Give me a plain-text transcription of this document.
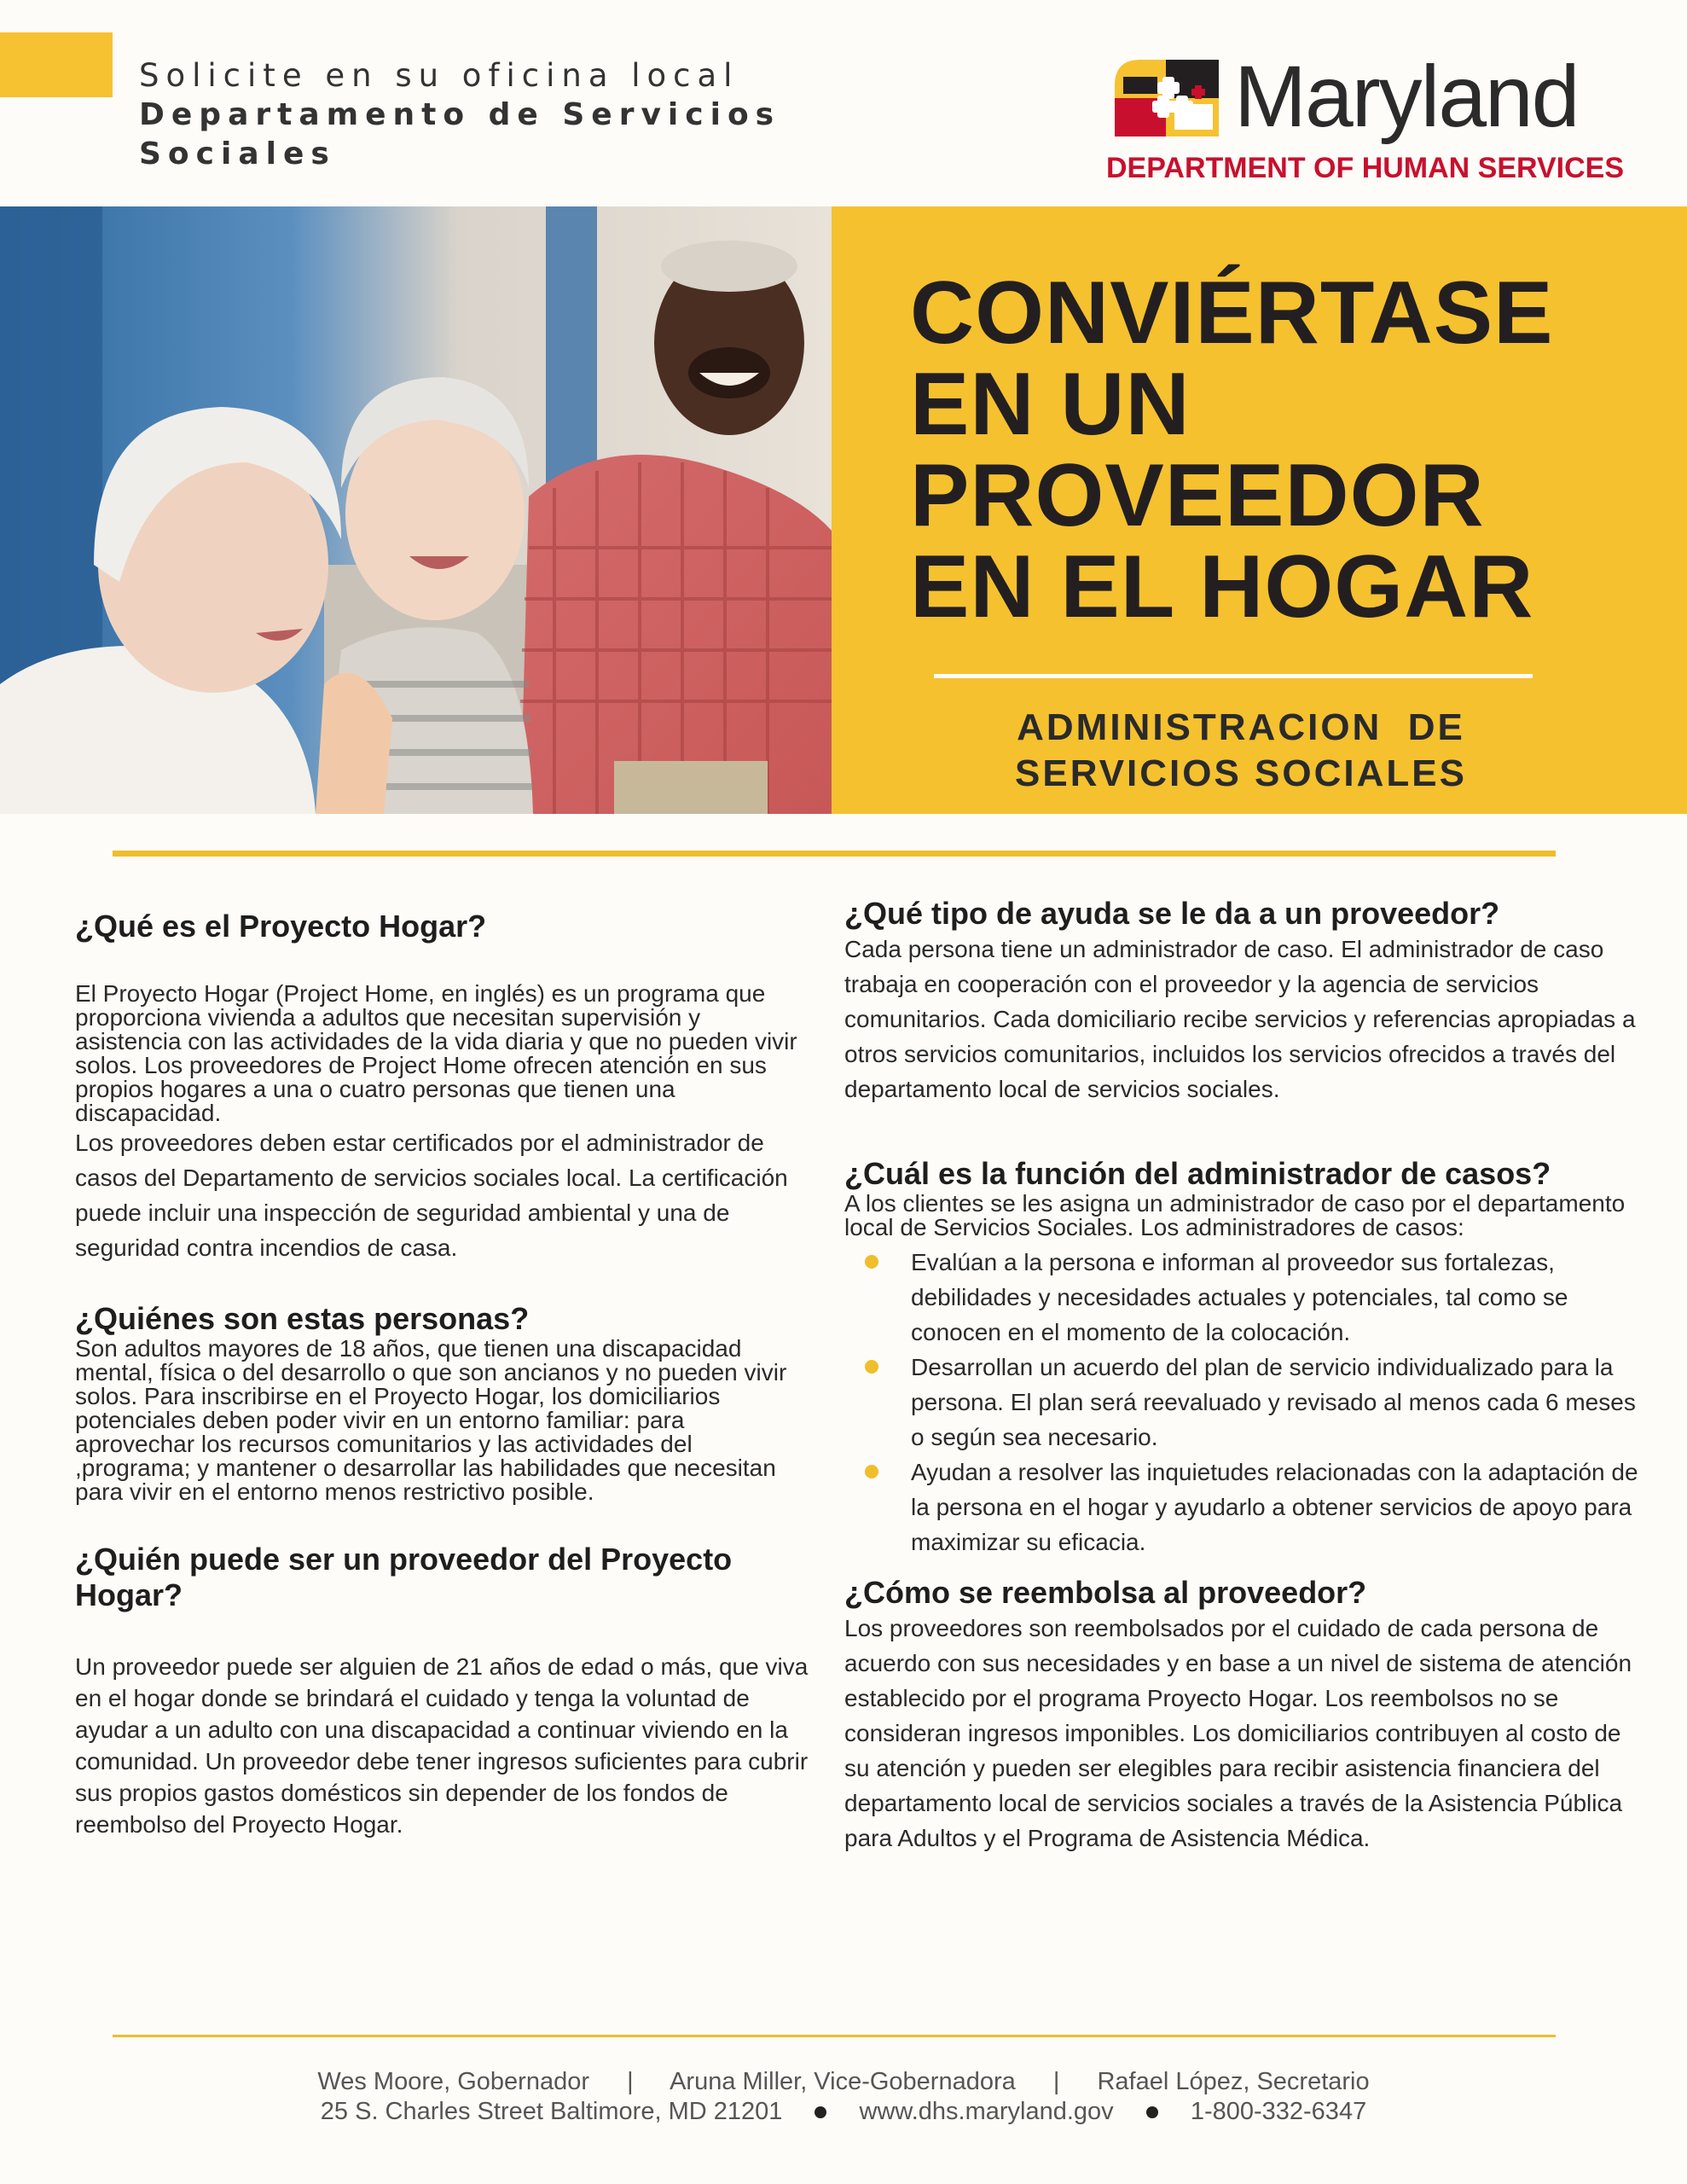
Solicite en su oficina local
Departamento de Servicios
Sociales
Maryland
DEPARTMENT OF HUMAN SERVICES
CONVIÉRTASE
EN UN
PROVEEDOR
EN EL HOGAR
ADMINISTRACION  DE
SERVICIOS SOCIALES
¿Qué es el Proyecto Hogar?

El Proyecto Hogar (Project Home, en inglés) es un programa que proporciona vivienda a adultos que necesitan supervisión y asistencia con las actividades de la vida diaria y que no pueden vivir solos. Los proveedores de Project Home ofrecen atención en sus propios hogares a una o cuatro personas que tienen una discapacidad.

Los proveedores deben estar certificados por el administrador de casos del Departamento de servicios sociales local. La certificación puede incluir una inspección de seguridad ambiental y una de seguridad contra incendios de casa.

¿Quiénes son estas personas?

Son adultos mayores de 18 años, que tienen una discapacidad mental, física o del desarrollo o que son ancianos y no pueden vivir solos. Para inscribirse en el Proyecto Hogar, los domiciliarios potenciales deben poder vivir en un entorno familiar: para aprovechar los recursos comunitarios y las actividades del ,programa; y mantener o desarrollar las habilidades que necesitan para vivir en el entorno menos restrictivo posible.

¿Quién puede ser un proveedor del Proyecto Hogar?

Un proveedor puede ser alguien de 21 años de edad o más, que viva en el hogar donde se brindará el cuidado y tenga la voluntad de ayudar a un adulto con una discapacidad a continuar viviendo en la comunidad. Un proveedor debe tener ingresos suficientes para cubrir sus propios gastos domésticos sin depender de los fondos de reembolso del Proyecto Hogar.

¿Qué tipo de ayuda se le da a un proveedor?

Cada persona tiene un administrador de caso. El administrador de caso trabaja en cooperación con el proveedor y la agencia de servicios comunitarios. Cada domiciliario recibe servicios y referencias apropiadas a otros servicios comunitarios, incluidos los servicios ofrecidos a través del departamento local de servicios sociales.

¿Cuál es la función del administrador de casos?

A los clientes se les asigna un administrador de caso por el departamento local de Servicios Sociales. Los administradores de casos:

Evalúan a la persona e informan al proveedor sus fortalezas, debilidades y necesidades actuales y potenciales, tal como se conocen en el momento de la colocación.
Desarrollan un acuerdo del plan de servicio individualizado para la persona. El plan será reevaluado y revisado al menos cada 6 meses o según sea necesario.
Ayudan a resolver las inquietudes relacionadas con la adaptación de la persona en el hogar y ayudarlo a obtener servicios de apoyo para maximizar su eficacia.
¿Cómo se reembolsa al proveedor?

Los proveedores son reembolsados por el cuidado de cada persona de acuerdo con sus necesidades y en base a un nivel de sistema de atención establecido por el programa Proyecto Hogar. Los reembolsos no se consideran ingresos imponibles. Los domiciliarios contribuyen al costo de su atención y pueden ser elegibles para recibir asistencia financiera del departamento local de servicios sociales a través de la Asistencia Pública para Adultos y el Programa de Asistencia Médica.

Wes Moore, Gobernador | Aruna Miller, Vice-Gobernadora | Rafael López, Secretario
25 S. Charles Street Baltimore, MD 21201	www.dhs.maryland.gov	1-800-332-6347
